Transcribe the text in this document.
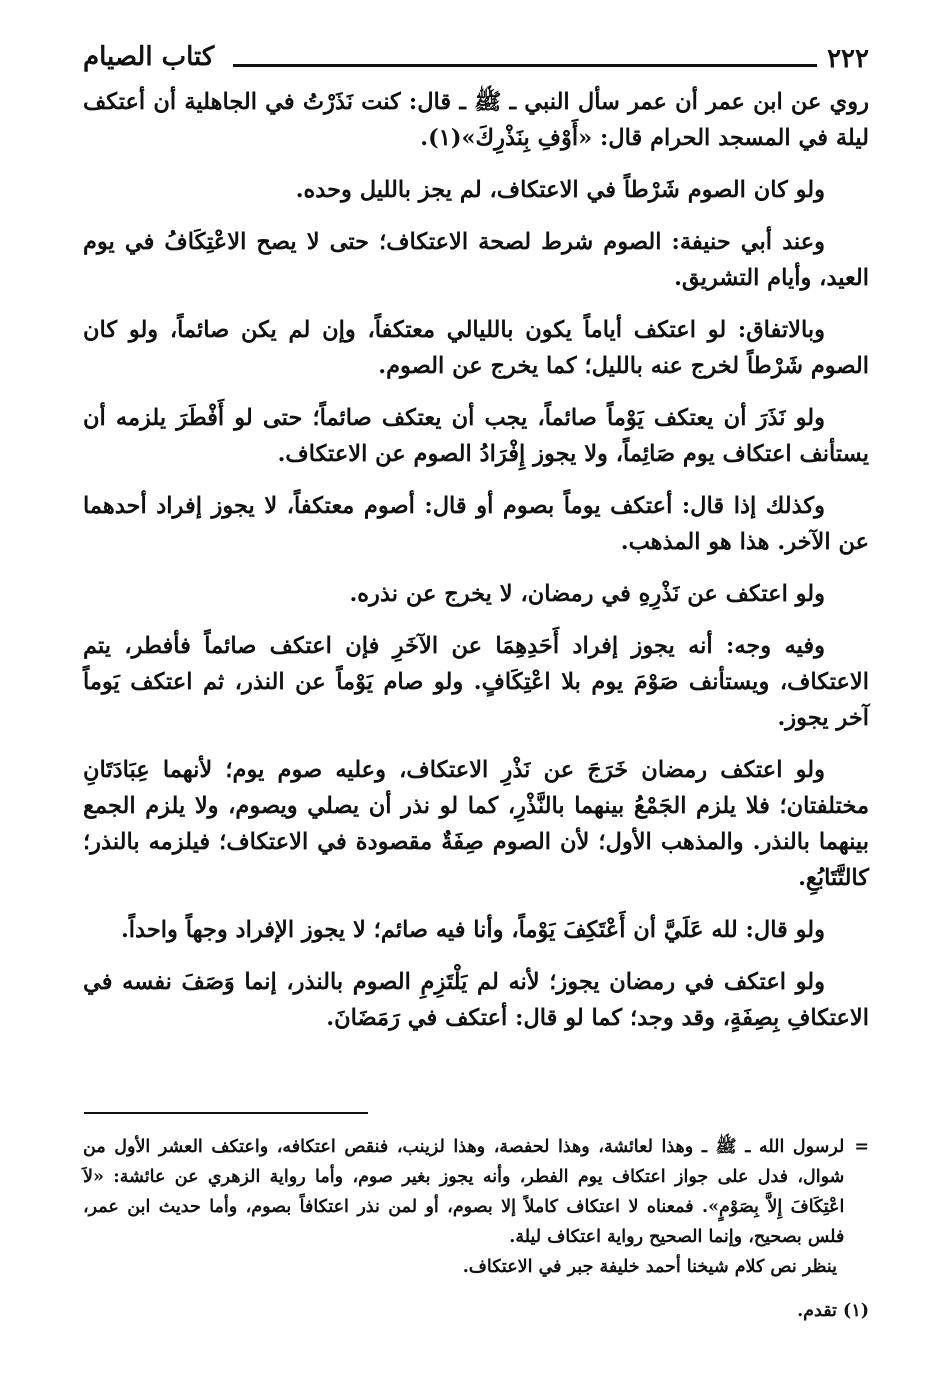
٢٢٢
كتاب الصيام

روي عن ابن عمر أن عمر سأل النبي ـ ﷺ ـ قال: كنت نَذَرْتُ في الجاهلية أن أعتكف ليلة في المسجد الحرام قال: «أَوْفِ بِنَذْرِكَ»(١).

ولو كان الصوم شَرْطاً في الاعتكاف، لم يجز بالليل وحده.

وعند أبي حنيفة: الصوم شرط لصحة الاعتكاف؛ حتى لا يصح الاعْتِكَافُ في يوم العيد، وأيام التشريق.

وبالاتفاق: لو اعتكف أياماً يكون بالليالي معتكفاً، وإن لم يكن صائماً، ولو كان الصوم شَرْطاً لخرج عنه بالليل؛ كما يخرج عن الصوم.

ولو نَذَرَ أن يعتكف يَوْماً صائماً، يجب أن يعتكف صائماً؛ حتى لو أَفْطَرَ يلزمه أن يستأنف اعتكاف يوم صَائِماً، ولا يجوز إِفْرَادُ الصوم عن الاعتكاف.

وكذلك إذا قال: أعتكف يوماً بصوم أو قال: أصوم معتكفاً، لا يجوز إفراد أحدهما عن الآخر. هذا هو المذهب.

ولو اعتكف عن نَذْرِهِ في رمضان، لا يخرج عن نذره.

وفيه وجه: أنه يجوز إفراد أَحَدِهِمَا عن الآخَرِ فإن اعتكف صائماً فأفطر، يتم الاعتكاف، ويستأنف صَوْمَ يوم بلا اعْتِكَافٍ. ولو صام يَوْماً عن النذر، ثم اعتكف يَوماً آخر يجوز.

ولو اعتكف رمضان خَرَجَ عن نَذْرِ الاعتكاف، وعليه صوم يوم؛ لأنهما عِبَادَتَانِ مختلفتان؛ فلا يلزم الجَمْعُ بينهما بالنَّذْرِ، كما لو نذر أن يصلي ويصوم، ولا يلزم الجمع بينهما بالنذر. والمذهب الأول؛ لأن الصوم صِفَةٌ مقصودة في الاعتكاف؛ فيلزمه بالنذر؛ كالتَّتَابُعِ.

ولو قال: لله عَلَيَّ أن أَعْتَكِفَ يَوْماً، وأنا فيه صائم؛ لا يجوز الإفراد وجهاً واحداً.

ولو اعتكف في رمضان يجوز؛ لأنه لم يَلْتَزِمِ الصوم بالنذر، إنما وَصَفَ نفسه في الاعتكافِ بِصِفَةٍ، وقد وجد؛ كما لو قال: أعتكف في رَمَضَانَ.

=
لرسول الله ـ ﷺ ـ وهذا لعائشة، وهذا لحفصة، وهذا لزينب، فنقص اعتكافه، واعتكف العشر الأول من شوال، فدل على جواز اعتكاف يوم الفطر، وأنه يجوز بغير صوم، وأما رواية الزهري عن عائشة: «لاَ اعْتِكَافَ إِلاَّ بِصَوْمٍ». فمعناه لا اعتكاف كاملاً إلا بصوم، أو لمن نذر اعتكافاً بصوم، وأما حديث ابن عمر، فلس بصحيح، وإنما الصحيح رواية اعتكاف ليلة.

ينظر نص كلام شيخنا أحمد خليفة جبر في الاعتكاف.

(١) تقدم.
